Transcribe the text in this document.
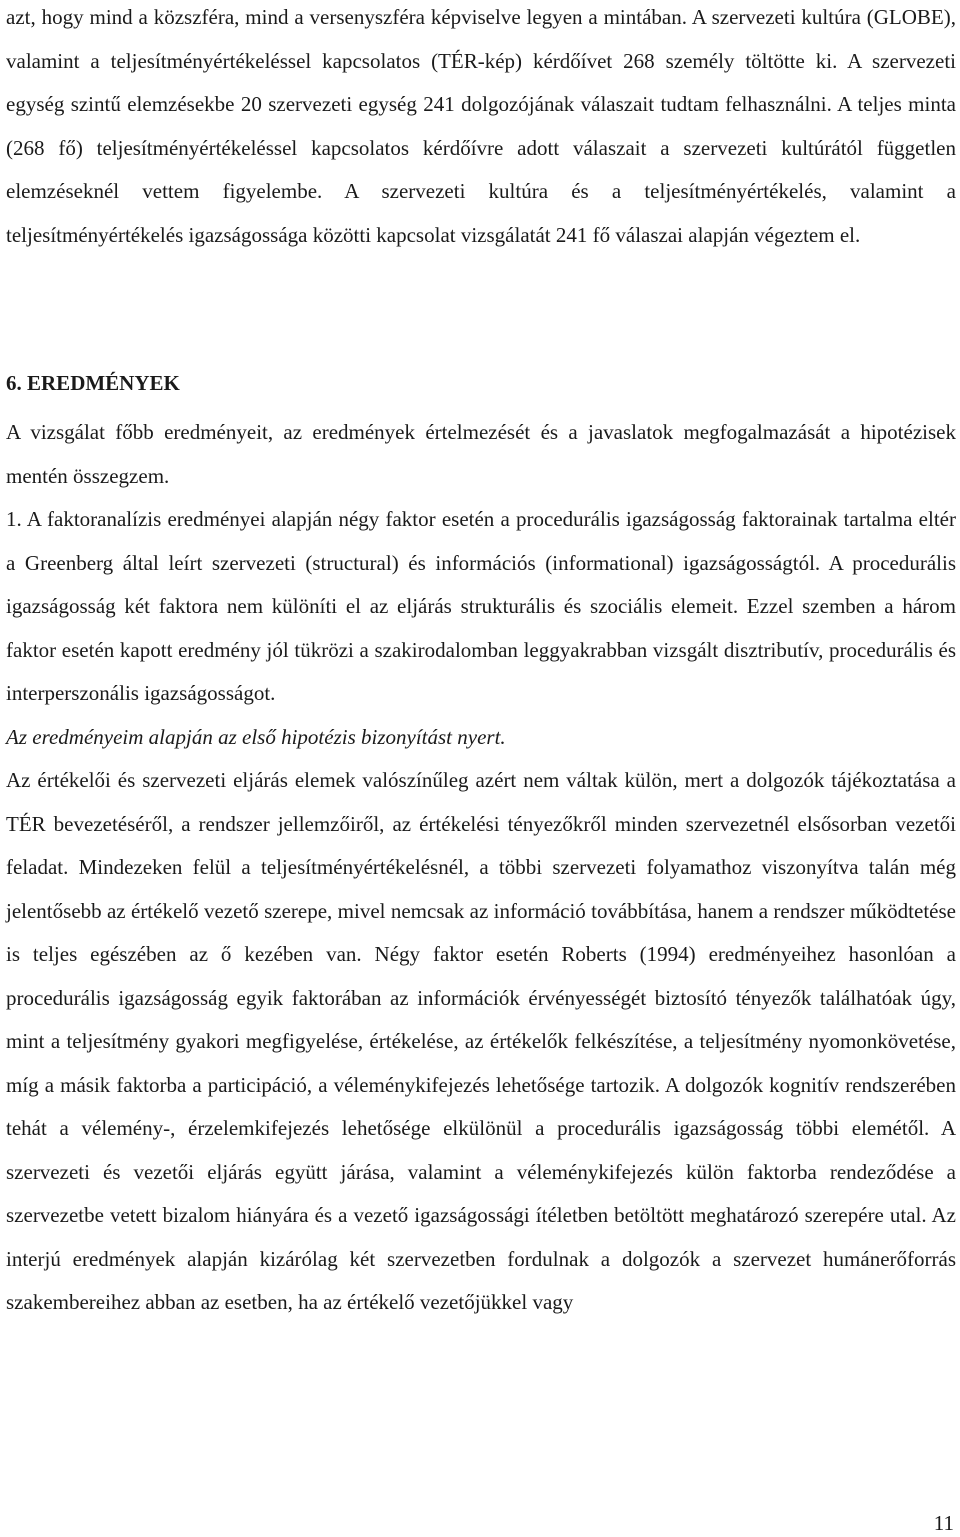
azt, hogy mind a közszféra, mind a versenyszféra képviselve legyen a mintában. A szervezeti kultúra (GLOBE), valamint a teljesítményértékeléssel kapcsolatos (TÉR-kép) kérdőívet 268 személy töltötte ki. A szervezeti egység szintű elemzésekbe 20 szervezeti egység 241 dolgozójának válaszait tudtam felhasználni. A teljes minta (268 fő) teljesítményértékeléssel kapcsolatos kérdőívre adott válaszait a szervezeti kultúrától független elemzéseknél vettem figyelembe. A szervezeti kultúra és a teljesítményértékelés, valamint a teljesítményértékelés igazságossága közötti kapcsolat vizsgálatát 241 fő válaszai alapján végeztem el.

6. EREDMÉNYEK

A vizsgálat főbb eredményeit, az eredmények értelmezését és a javaslatok megfogalmazását a hipotézisek mentén összegzem.

1. A faktoranalízis eredményei alapján négy faktor esetén a procedurális igazságosság faktorainak tartalma eltér a Greenberg által leírt szervezeti (structural) és információs (informational) igazságosságtól. A procedurális igazságosság két faktora nem különíti el az eljárás strukturális és szociális elemeit. Ezzel szemben a három faktor esetén kapott eredmény jól tükrözi a szakirodalomban leggyakrabban vizsgált disztributív, procedurális és interperszonális igazságosságot.

Az eredményeim alapján az első hipotézis bizonyítást nyert.

Az értékelői és szervezeti eljárás elemek valószínűleg azért nem váltak külön, mert a dolgozók tájékoztatása a TÉR bevezetéséről, a rendszer jellemzőiről, az értékelési tényezőkről minden szervezetnél elsősorban vezetői feladat. Mindezeken felül a teljesítményértékelésnél, a többi szervezeti folyamathoz viszonyítva talán még jelentősebb az értékelő vezető szerepe, mivel nemcsak az információ továbbítása, hanem a rendszer működtetése is teljes egészében az ő kezében van. Négy faktor esetén Roberts (1994) eredményeihez hasonlóan a procedurális igazságosság egyik faktorában az információk érvényességét biztosító tényezők találhatóak úgy, mint a teljesítmény gyakori megfigyelése, értékelése, az értékelők felkészítése, a teljesítmény nyomonkövetése, míg a másik faktorba a participáció, a véleménykifejezés lehetősége tartozik. A dolgozók kognitív rendszerében tehát a vélemény-, érzelemkifejezés lehetősége elkülönül a procedurális igazságosság többi elemétől. A szervezeti és vezetői eljárás együtt járása, valamint a véleménykifejezés külön faktorba rendeződése a szervezetbe vetett bizalom hiányára és a vezető igazságossági ítéletben betöltött meghatározó szerepére utal. Az interjú eredmények alapján kizárólag két szervezetben fordulnak a dolgozók a szervezet humánerőforrás szakembereihez abban az esetben, ha az értékelő vezetőjükkel vagy

11
